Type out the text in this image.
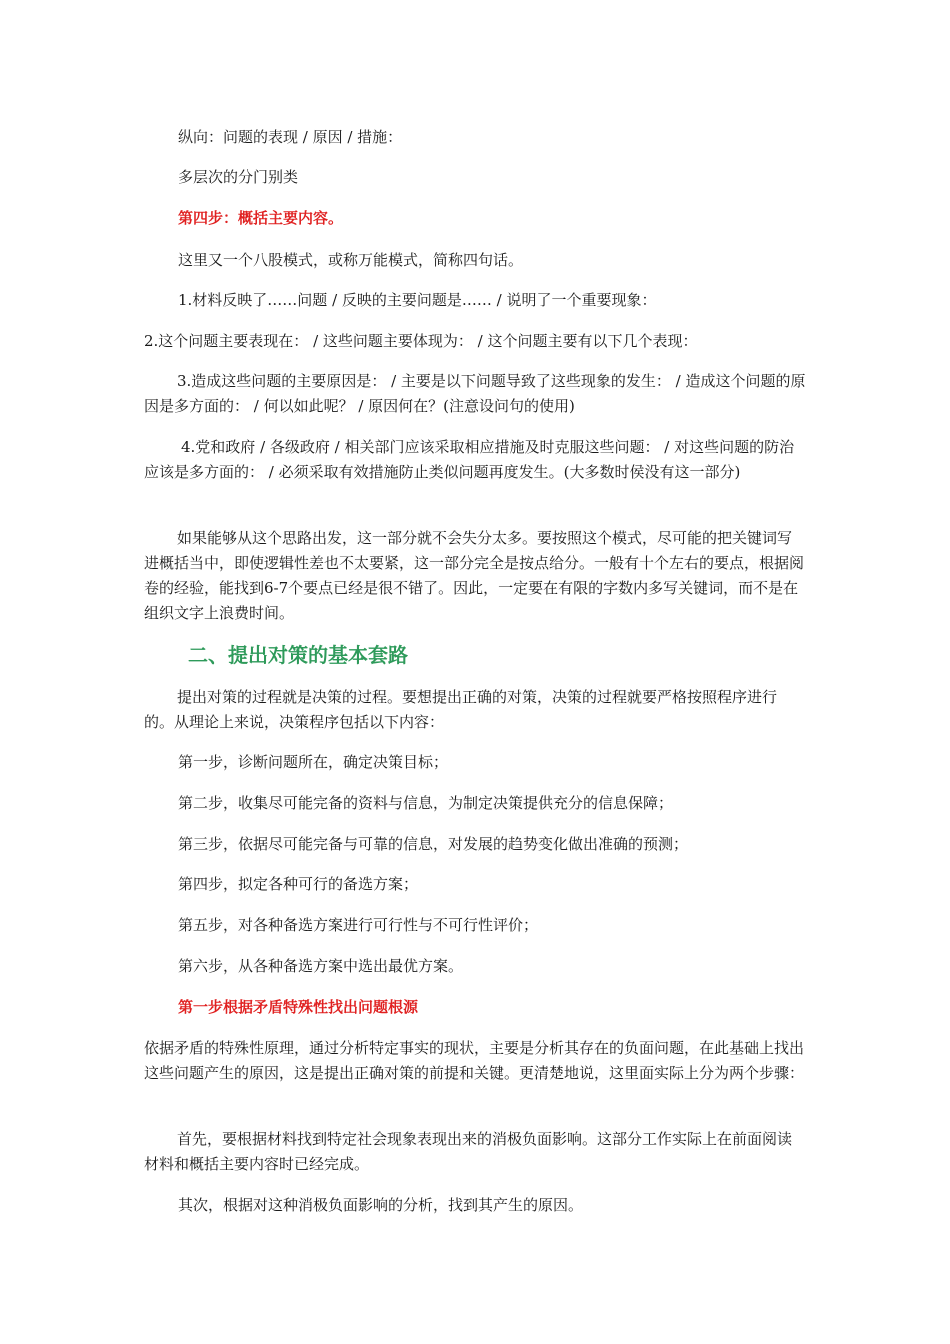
纵向：问题的表现 / 原因 / 措施：

多层次的分门别类

第四步：概括主要内容。

这里又一个八股模式，或称万能模式，简称四句话。

1.材料反映了……问题 / 反映的主要问题是…… / 说明了一个重要现象：

2.这个问题主要表现在： / 这些问题主要体现为： / 这个问题主要有以下几个表现：

3.造成这些问题的主要原因是： / 主要是以下问题导致了这些现象的发生： / 造成这个问题的原因是多方面的： / 何以如此呢？ / 原因何在？(注意设问句的使用)

4.党和政府 / 各级政府 / 相关部门应该采取相应措施及时克服这些问题： / 对这些问题的防治应该是多方面的： / 必须采取有效措施防止类似问题再度发生。(大多数时侯没有这一部分)

如果能够从这个思路出发，这一部分就不会失分太多。要按照这个模式，尽可能的把关键词写进概括当中，即使逻辑性差也不太要紧，这一部分完全是按点给分。一般有十个左右的要点，根据阅卷的经验，能找到6-7个要点已经是很不错了。因此，一定要在有限的字数内多写关键词，而不是在组织文字上浪费时间。

二、提出对策的基本套路

提出对策的过程就是决策的过程。要想提出正确的对策，决策的过程就要严格按照程序进行的。从理论上来说，决策程序包括以下内容：

第一步，诊断问题所在，确定决策目标；

第二步，收集尽可能完备的资料与信息，为制定决策提供充分的信息保障；

第三步，依据尽可能完备与可靠的信息，对发展的趋势变化做出准确的预测；

第四步，拟定各种可行的备选方案；

第五步，对各种备选方案进行可行性与不可行性评价；

第六步，从各种备选方案中选出最优方案。

第一步根据矛盾特殊性找出问题根源

依据矛盾的特殊性原理，通过分析特定事实的现状，主要是分析其存在的负面问题，在此基础上找出这些问题产生的原因，这是提出正确对策的前提和关键。更清楚地说，这里面实际上分为两个步骤：

首先，要根据材料找到特定社会现象表现出来的消极负面影响。这部分工作实际上在前面阅读材料和概括主要内容时已经完成。

其次，根据对这种消极负面影响的分析，找到其产生的原因。
